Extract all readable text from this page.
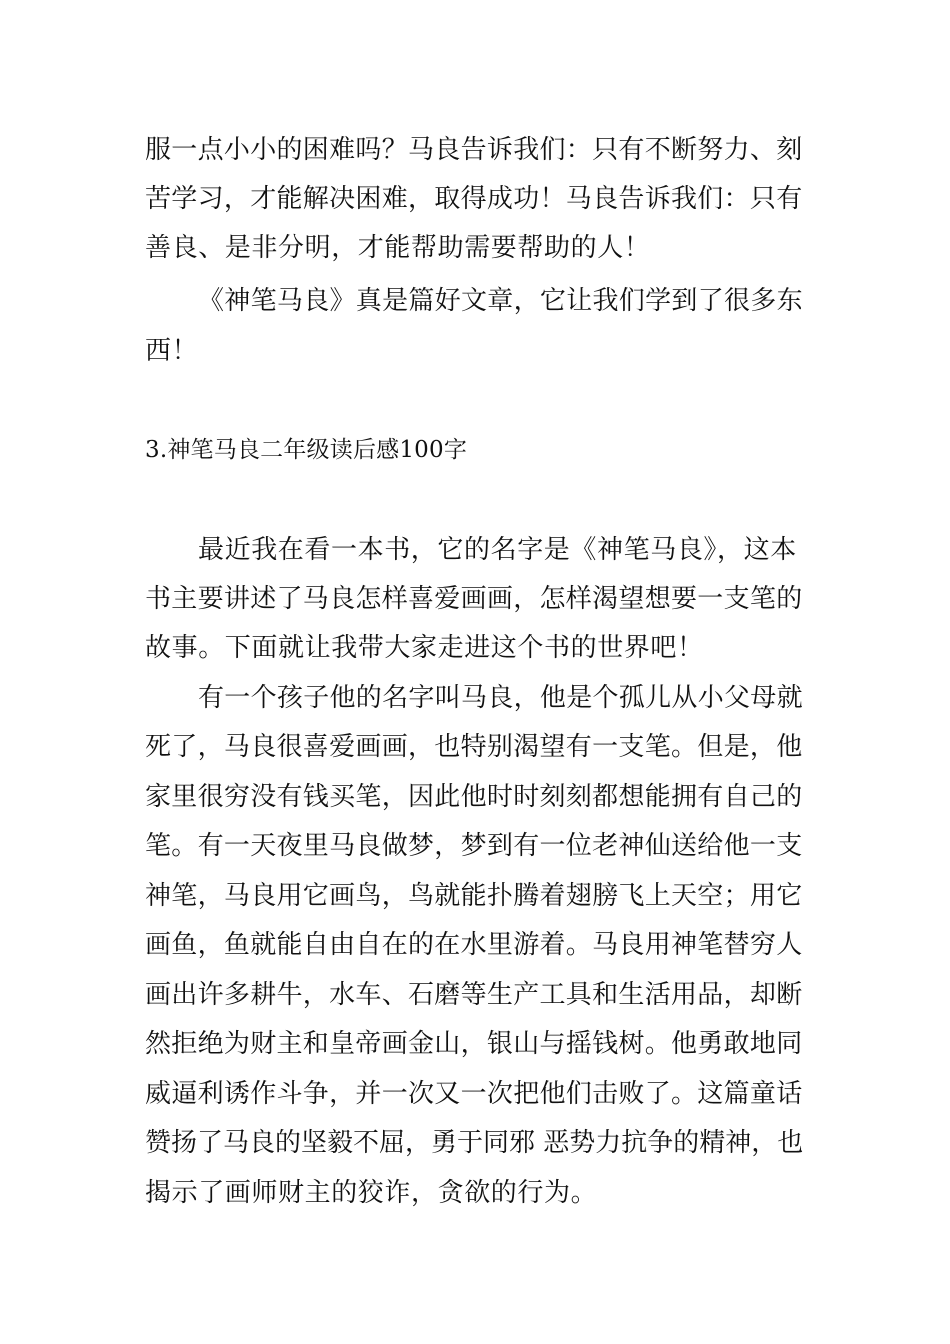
服一点小小的困难吗？马良告诉我们：只有不断努力、刻
苦学习，才能解决困难，取得成功！马良告诉我们：只有
善良、是非分明，才能帮助需要帮助的人！
《神笔马良》真是篇好文章，它让我们学到了很多东
西！
3.神笔马良二年级读后感100字
最近我在看一本书，它的名字是《神笔马良》，这本
书主要讲述了马良怎样喜爱画画，怎样渴望想要一支笔的
故事。下面就让我带大家走进这个书的世界吧！
有一个孩子他的名字叫马良，他是个孤儿从小父母就
死了，马良很喜爱画画，也特别渴望有一支笔。但是，他
家里很穷没有钱买笔，因此他时时刻刻都想能拥有自己的
笔。有一天夜里马良做梦，梦到有一位老神仙送给他一支
神笔，马良用它画鸟，鸟就能扑腾着翅膀飞上天空；用它
画鱼，鱼就能自由自在的在水里游着。马良用神笔替穷人
画出许多耕牛，水车、石磨等生产工具和生活用品，却断
然拒绝为财主和皇帝画金山，银山与摇钱树。他勇敢地同
威逼利诱作斗争，并一次又一次把他们击败了。这篇童话
赞扬了马良的坚毅不屈，勇于同邪 恶势力抗争的精神，也
揭示了画师财主的狡诈，贪欲的行为。
